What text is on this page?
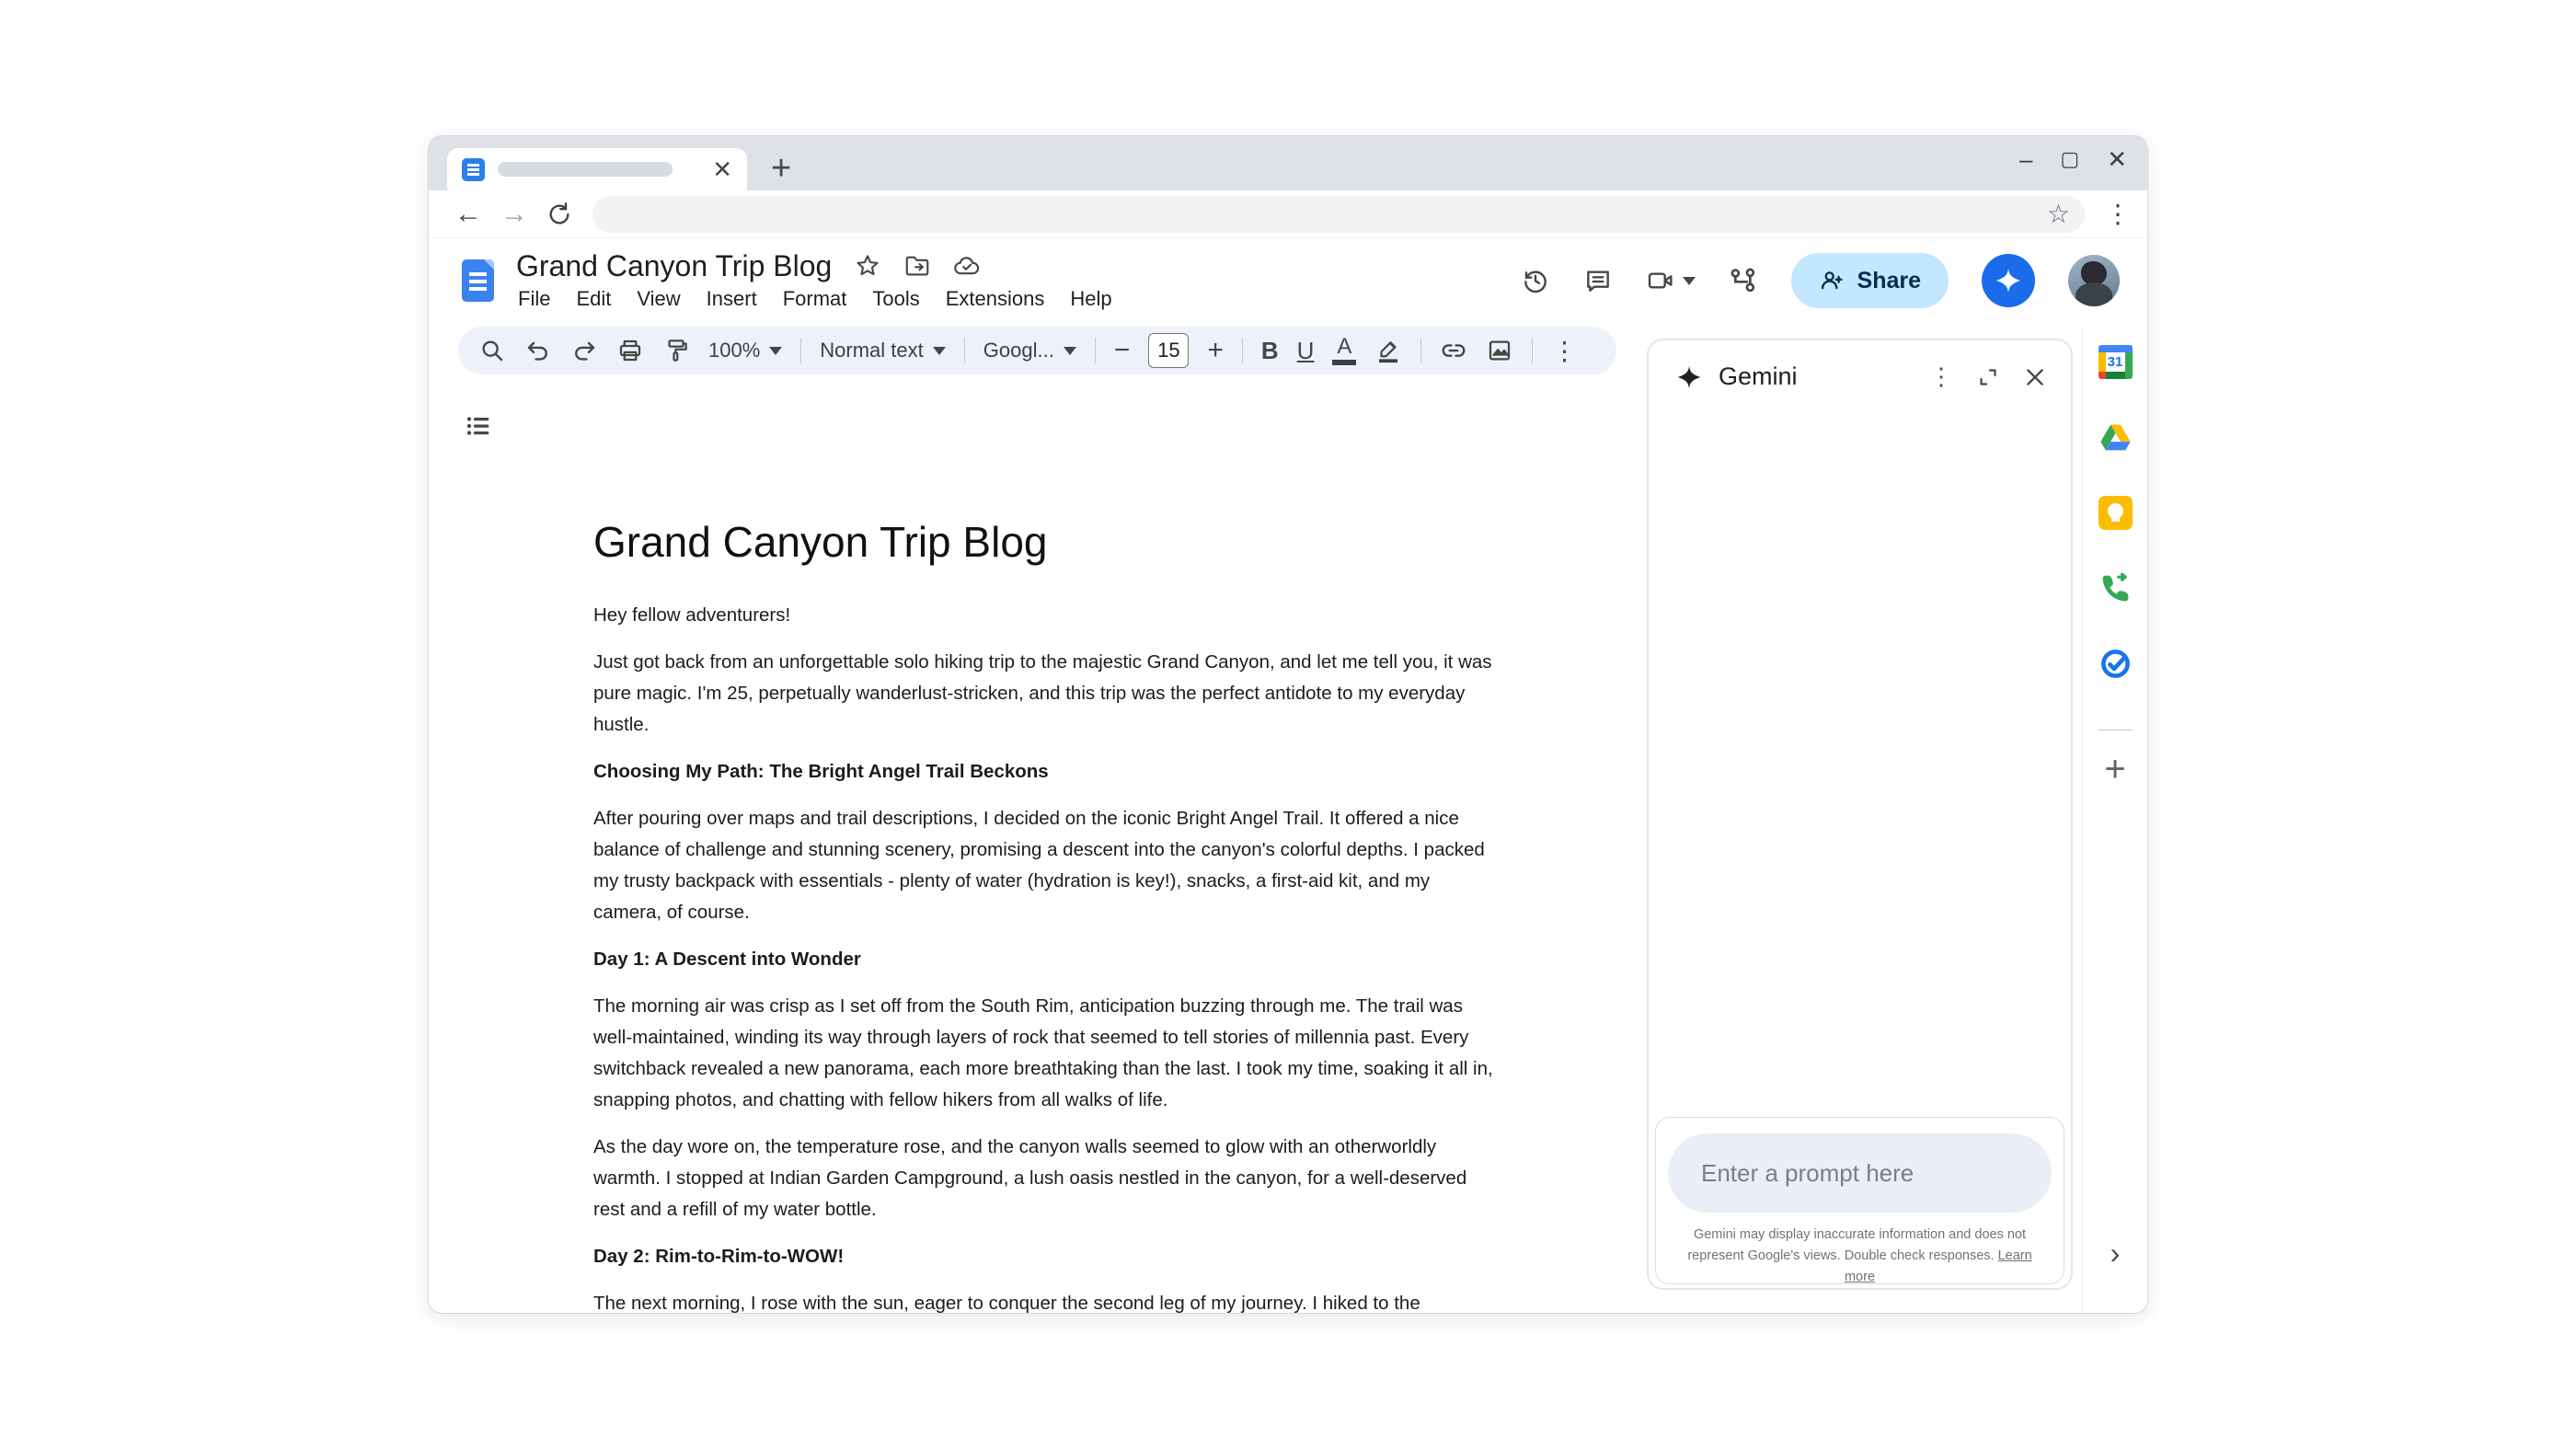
✕ +	– ▢ ✕
← →	☆ ⋮
Grand Canyon Trip Blog
File	Edit	View	Insert	Format	Tools	Extensions	Help
Share
100%	Normal text	Googl... −	15 + B U A	⋮
Grand Canyon Trip Blog
Hey fellow adventurers!
Just got back from an unforgettable solo hiking trip to the majestic Grand Canyon, and let me tell you, it was pure magic. I'm 25, perpetually wanderlust-stricken, and this trip was the perfect antidote to my everyday hustle.
Choosing My Path: The Bright Angel Trail Beckons
After pouring over maps and trail descriptions, I decided on the iconic Bright Angel Trail. It offered a nice balance of challenge and stunning scenery, promising a descent into the canyon's colorful depths. I packed my trusty backpack with essentials - plenty of water (hydration is key!), snacks, a first-aid kit, and my camera, of course.
Day 1: A Descent into Wonder
The morning air was crisp as I set off from the South Rim, anticipation buzzing through me. The trail was well-maintained, winding its way through layers of rock that seemed to tell stories of millennia past. Every switchback revealed a new panorama, each more breathtaking than the last. I took my time, soaking it all in, snapping photos, and chatting with fellow hikers from all walks of life.
As the day wore on, the temperature rose, and the canyon walls seemed to glow with an otherworldly warmth. I stopped at Indian Garden Campground, a lush oasis nestled in the canyon, for a well-deserved rest and a refill of my water bottle.
Day 2: Rim-to-Rim-to-WOW!
The next morning, I rose with the sun, eager to conquer the second leg of my journey. I hiked to the
Gemini	⋮
Enter a prompt here
Gemini may display inaccurate information and does not represent Google's views. Double check responses. Learn more
31
+
›
